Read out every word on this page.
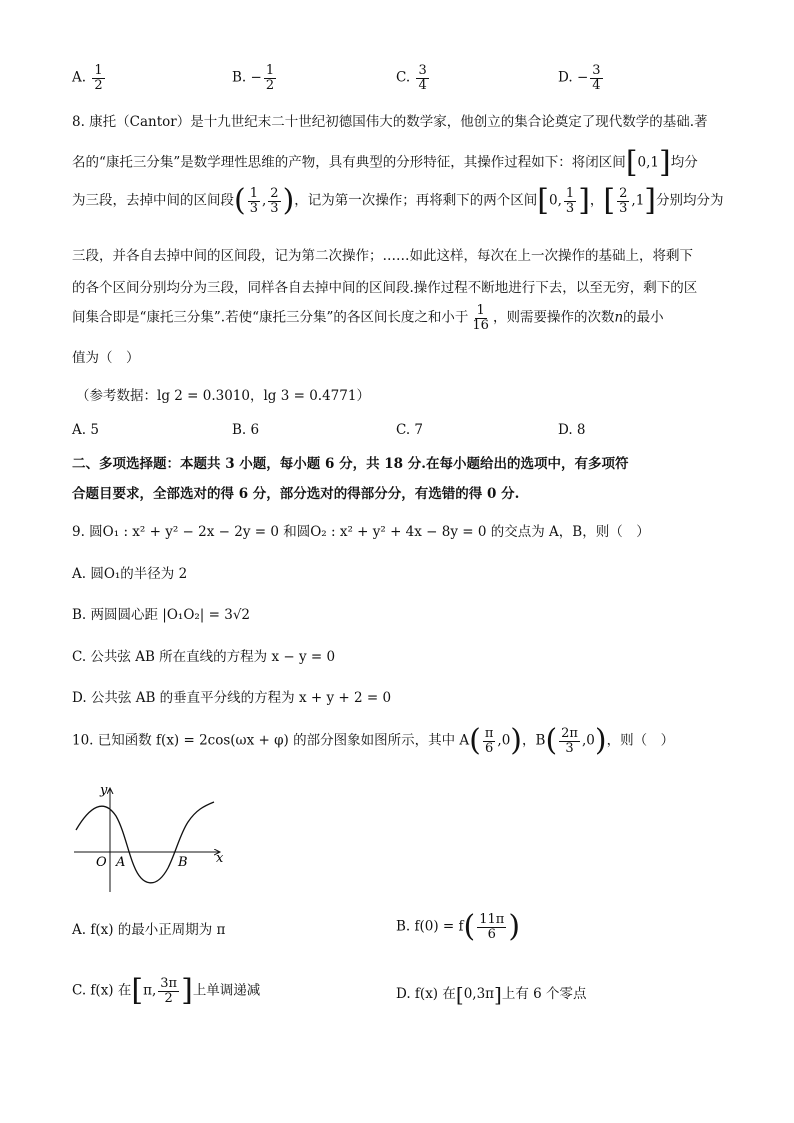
A. $\frac{1}{2}$	B. − $\frac{1}{2}$	C. $\frac{3}{4}$	D. − $\frac{3}{4}$
8. 康托（Cantor）是十九世纪末二十世纪初德国伟大的数学家，他创立的集合论奠定了现代数学的基础.著
名的“康托三分集”是数学理性思维的产物，具有典型的分形特征，其操作过程如下：将闭区间[0,1]均分
为三段，去掉中间的区间段( $\frac{1}{3}$ , $\frac{2}{3}$ )，记为第一次操作；再将剩下的两个区间[0, $\frac{1}{3}$ ]，[ $\frac{2}{3} ,1$]分别均分为
三段，并各自去掉中间的区间段，记为第二次操作；……如此这样，每次在上一次操作的基础上，将剩下
的各个区间分别均分为三段，同样各自去掉中间的区间段.操作过程不断地进行下去，以至无穷，剩下的区
间集合即是“康托三分集”.若使“康托三分集”的各区间长度之和小于 $\frac{1}{16}$ ，则需要操作的次数n的最小
值为（　）
（参考数据：lg 2 = 0.3010，lg 3 = 0.4771）
A. 5	B. 6	C. 7	D. 8
二、多项选择题：本题共 3 小题，每小题 6 分，共 18 分.在每小题给出的选项中，有多项符
合题目要求，全部选对的得 6 分，部分选对的得部分分，有选错的得 0 分.
9. 圆O₁ : x² + y² − 2x − 2y = 0 和圆O₂ : x² + y² + 4x − 8y = 0 的交点为 A，B，则（　）
A. 圆O₁的半径为 2
B. 两圆圆心距 |O₁O₂| = 3√2
C. 公共弦 AB 所在直线的方程为 x − y = 0
D. 公共弦 AB 的垂直平分线的方程为 x + y + 2 = 0
10. 已知函数 f(x) = 2cos(ωx + φ) 的部分图象如图所示，其中 $A( \frac{\pi}{6} ,0)$，$B( \frac{2\pi}{3} ,0)$，则（　）
y
x
O A	B
A. f(x) 的最小正周期为 π	B. $f(0) = f( \frac{11\pi}{6}$ )
C. f(x) 在[π, $\frac{3\pi}{2}$ ]上单调递减	D. f(x) 在[0,3π]上有 6 个零点
